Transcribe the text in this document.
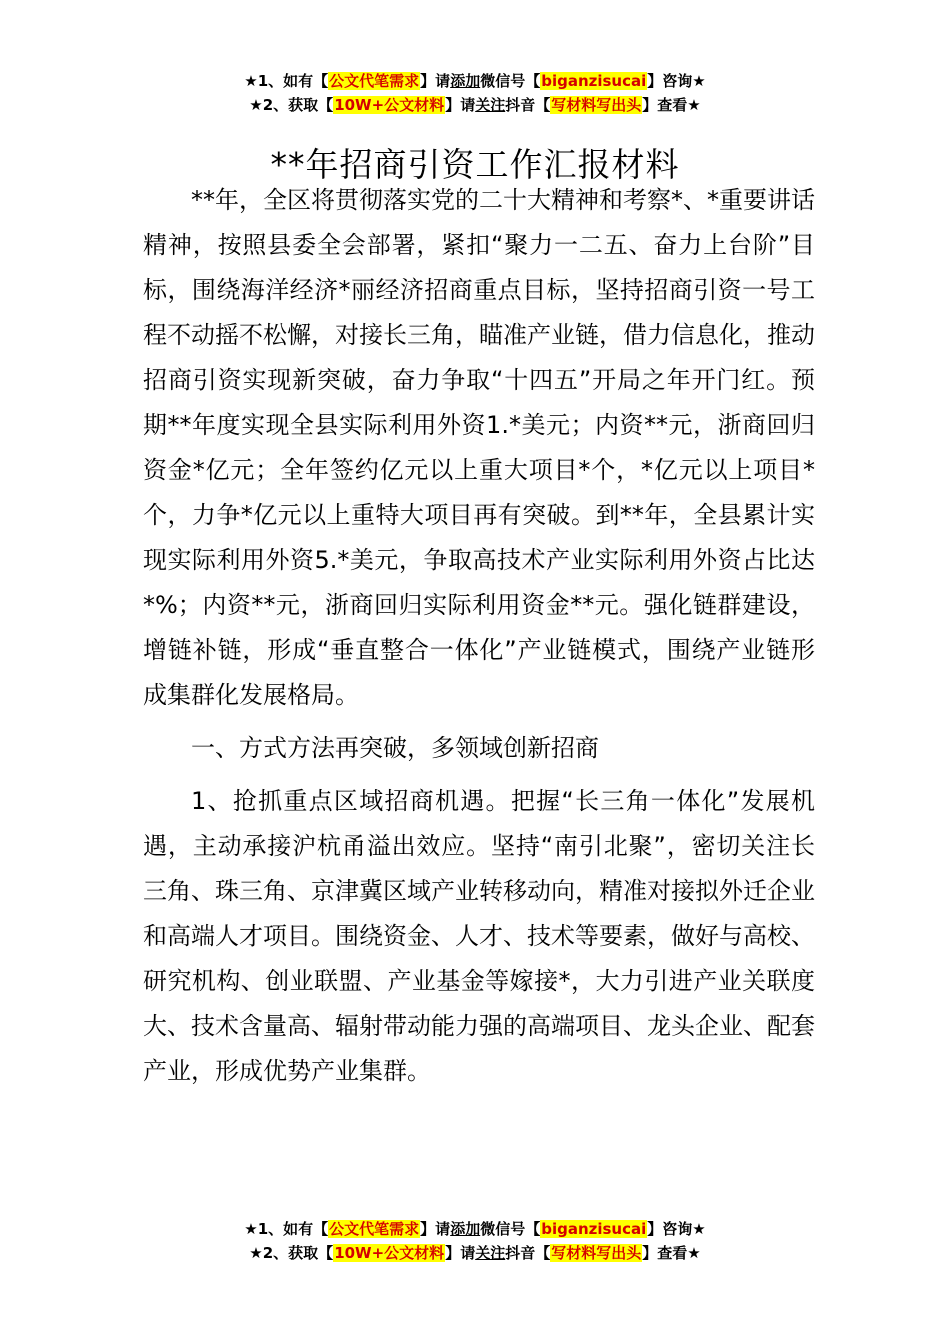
★1、如有【公文代笔需求】请添加微信号【biganzisucai】咨询★
★2、获取【10W+公文材料】请关注抖音【写材料写出头】查看★
**年招商引资工作汇报材料

**年，全区将贯彻落实党的二十大精神和考察*、*重要讲话精神，按照县委全会部署，紧扣“聚力一二五、奋力上台阶”目标，围绕海洋经济*丽经济招商重点目标，坚持招商引资一号工程不动摇不松懈，对接长三角，瞄准产业链，借力信息化，推动招商引资实现新突破，奋力争取“十四五”开局之年开门红。预期**年度实现全县实际利用外资1.*美元；内资**元，浙商回归资金*亿元；全年签约亿元以上重大项目*个，*亿元以上项目*个，力争*亿元以上重特大项目再有突破。到**年，全县累计实现实际利用外资5.*美元，争取高技术产业实际利用外资占比达*%；内资**元，浙商回归实际利用资金**元。强化链群建设，增链补链，形成“垂直整合一体化”产业链模式，围绕产业链形成集群化发展格局。

一、方式方法再突破，多领域创新招商

1、抢抓重点区域招商机遇。把握“长三角一体化”发展机遇，主动承接沪杭甬溢出效应。坚持“南引北聚”，密切关注长三角、珠三角、京津冀区域产业转移动向，精准对接拟外迁企业和高端人才项目。围绕资金、人才、技术等要素，做好与高校、研究机构、创业联盟、产业基金等嫁接*，大力引进产业关联度大、技术含量高、辐射带动能力强的高端项目、龙头企业、配套产业，形成优势产业集群。

★1、如有【公文代笔需求】请添加微信号【biganzisucai】咨询★
★2、获取【10W+公文材料】请关注抖音【写材料写出头】查看★
